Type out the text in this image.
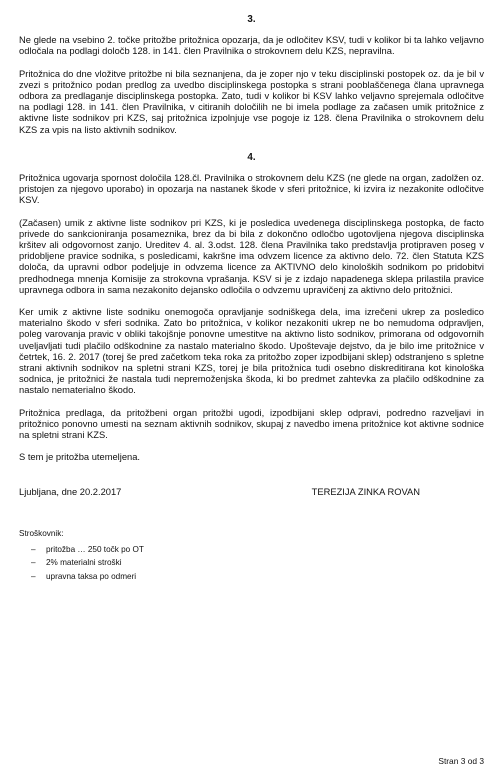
3.

Ne glede na vsebino 2. točke pritožbe pritožnica opozarja, da je odločitev KSV, tudi v kolikor bi ta lahko veljavno odločala na podlagi določb 128. in 141. člen Pravilnika o strokovnem delu KZS, nepravilna.

Pritožnica do dne vložitve pritožbe ni bila seznanjena, da je zoper njo v teku disciplinski postopek oz. da je bil v zvezi s pritožnico podan predlog za uvedbo disciplinskega postopka s strani pooblaščenega člana upravnega odbora za predlaganje disciplinskega postopka. Zato, tudi v kolikor bi KSV lahko veljavno sprejemala odločitve na podlagi 128. in 141. člen Pravilnika, v citiranih določilih ne bi imela podlage za začasen umik pritožnice z aktivne liste sodnikov pri KZS, saj pritožnica izpolnjuje vse pogoje iz 128. člena Pravilnika o strokovnem delu KZS za vpis na listo aktivnih sodnikov.

4.

Pritožnica ugovarja spornost določila 128.čl. Pravilnika o strokovnem delu KZS (ne glede na organ, zadolžen oz. pristojen za njegovo uporabo) in opozarja na nastanek škode v sferi pritožnice, ki izvira iz nezakonite odločitve KSV.

(Začasen) umik z aktivne liste sodnikov pri KZS, ki je posledica uvedenega disciplinskega postopka, de facto privede do sankcioniranja posameznika, brez da bi bila z dokončno odločbo ugotovljena njegova disciplinska kršitev ali odgovornost zanjo. Ureditev 4. al. 3.odst. 128. člena Pravilnika tako predstavlja protipraven poseg v pridobljene pravice sodnika, s posledicami, kakršne ima odvzem licence za aktivno delo. 72. člen Statuta KZS določa, da upravni odbor podeljuje in odvzema licence za AKTIVNO delo kinoloških sodnikom po pridobitvi predhodnega mnenja Komisije za strokovna vprašanja. KSV si je z izdajo napadenega sklepa prilastila pravice upravnega odbora in sama nezakonito dejansko odločila o odvzemu upravičenj za aktivno delo pritožnici.

Ker umik z aktivne liste sodniku onemogoča opravljanje sodniškega dela, ima izrečeni ukrep za posledico materialno škodo v sferi sodnika. Zato bo pritožnica, v kolikor nezakoniti ukrep ne bo nemudoma odpravljen, poleg varovanja pravic v obliki takojšnje ponovne umestitve na aktivno listo sodnikov, primorana od odgovornih uveljavljati tudi plačilo odškodnine za nastalo materialno škodo. Upoštevaje dejstvo, da je bilo ime pritožnice v četrtek, 16. 2. 2017 (torej še pred začetkom teka roka za pritožbo zoper izpodbijani sklep) odstranjeno s spletne strani aktivnih sodnikov na spletni strani KZS, torej je bila pritožnica tudi osebno diskreditirana kot kinološka sodnica, je pritožnici že nastala tudi nepremoženjska škoda, ki bo predmet zahtevka za plačilo odškodnine za nastalo nematerialno škodo.

Pritožnica predlaga, da pritožbeni organ pritožbi ugodi, izpodbijani sklep odpravi, podredno razveljavi in pritožnico ponovno umesti na seznam aktivnih sodnikov, skupaj z navedbo imena pritožnice kot aktivne sodnice na spletni strani KZS.

S tem je pritožba utemeljena.

Ljubljana, dne 20.2.2017	TEREZIJA ZINKA ROVAN
Stroškovnik:
–	pritožba … 250 točk po OT
–	2% materialni stroški
–	upravna taksa po odmeri
Stran 3 od 3
